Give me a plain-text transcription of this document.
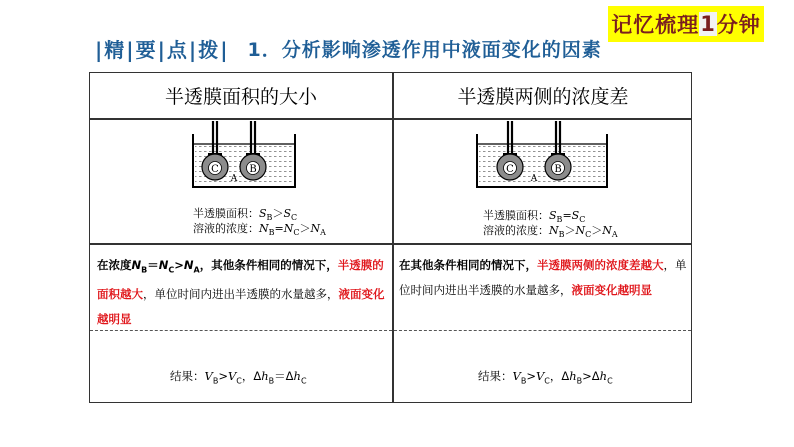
记忆梳理 1 分钟
|精|要|点|拨| 1．分析影响渗透作用中液面变化的因素
半透膜面积的大小
C	B
A
半透膜面积：$S_B>S_C$
溶液的浓度：$N_B=N_C>N_A$
在浓度$N_B=N_C>N_A$，其他条件相同的情况下，半透膜的面积越大，单位时间内进出半透膜的水量越多，液面变化越明显
结果：$V_B>V_C$，$\Delta h_B=\Delta h_C$
半透膜两侧的浓度差
C	B
A
半透膜面积：$S_B=S_C$
溶液的浓度：$N_B>N_C>N_A$
在其他条件相同的情况下，半透膜两侧的浓度差越大，单位时间内进出半透膜的水量越多，液面变化越明显
结果：$V_B>V_C$，$\Delta h_B>\Delta h_C$
